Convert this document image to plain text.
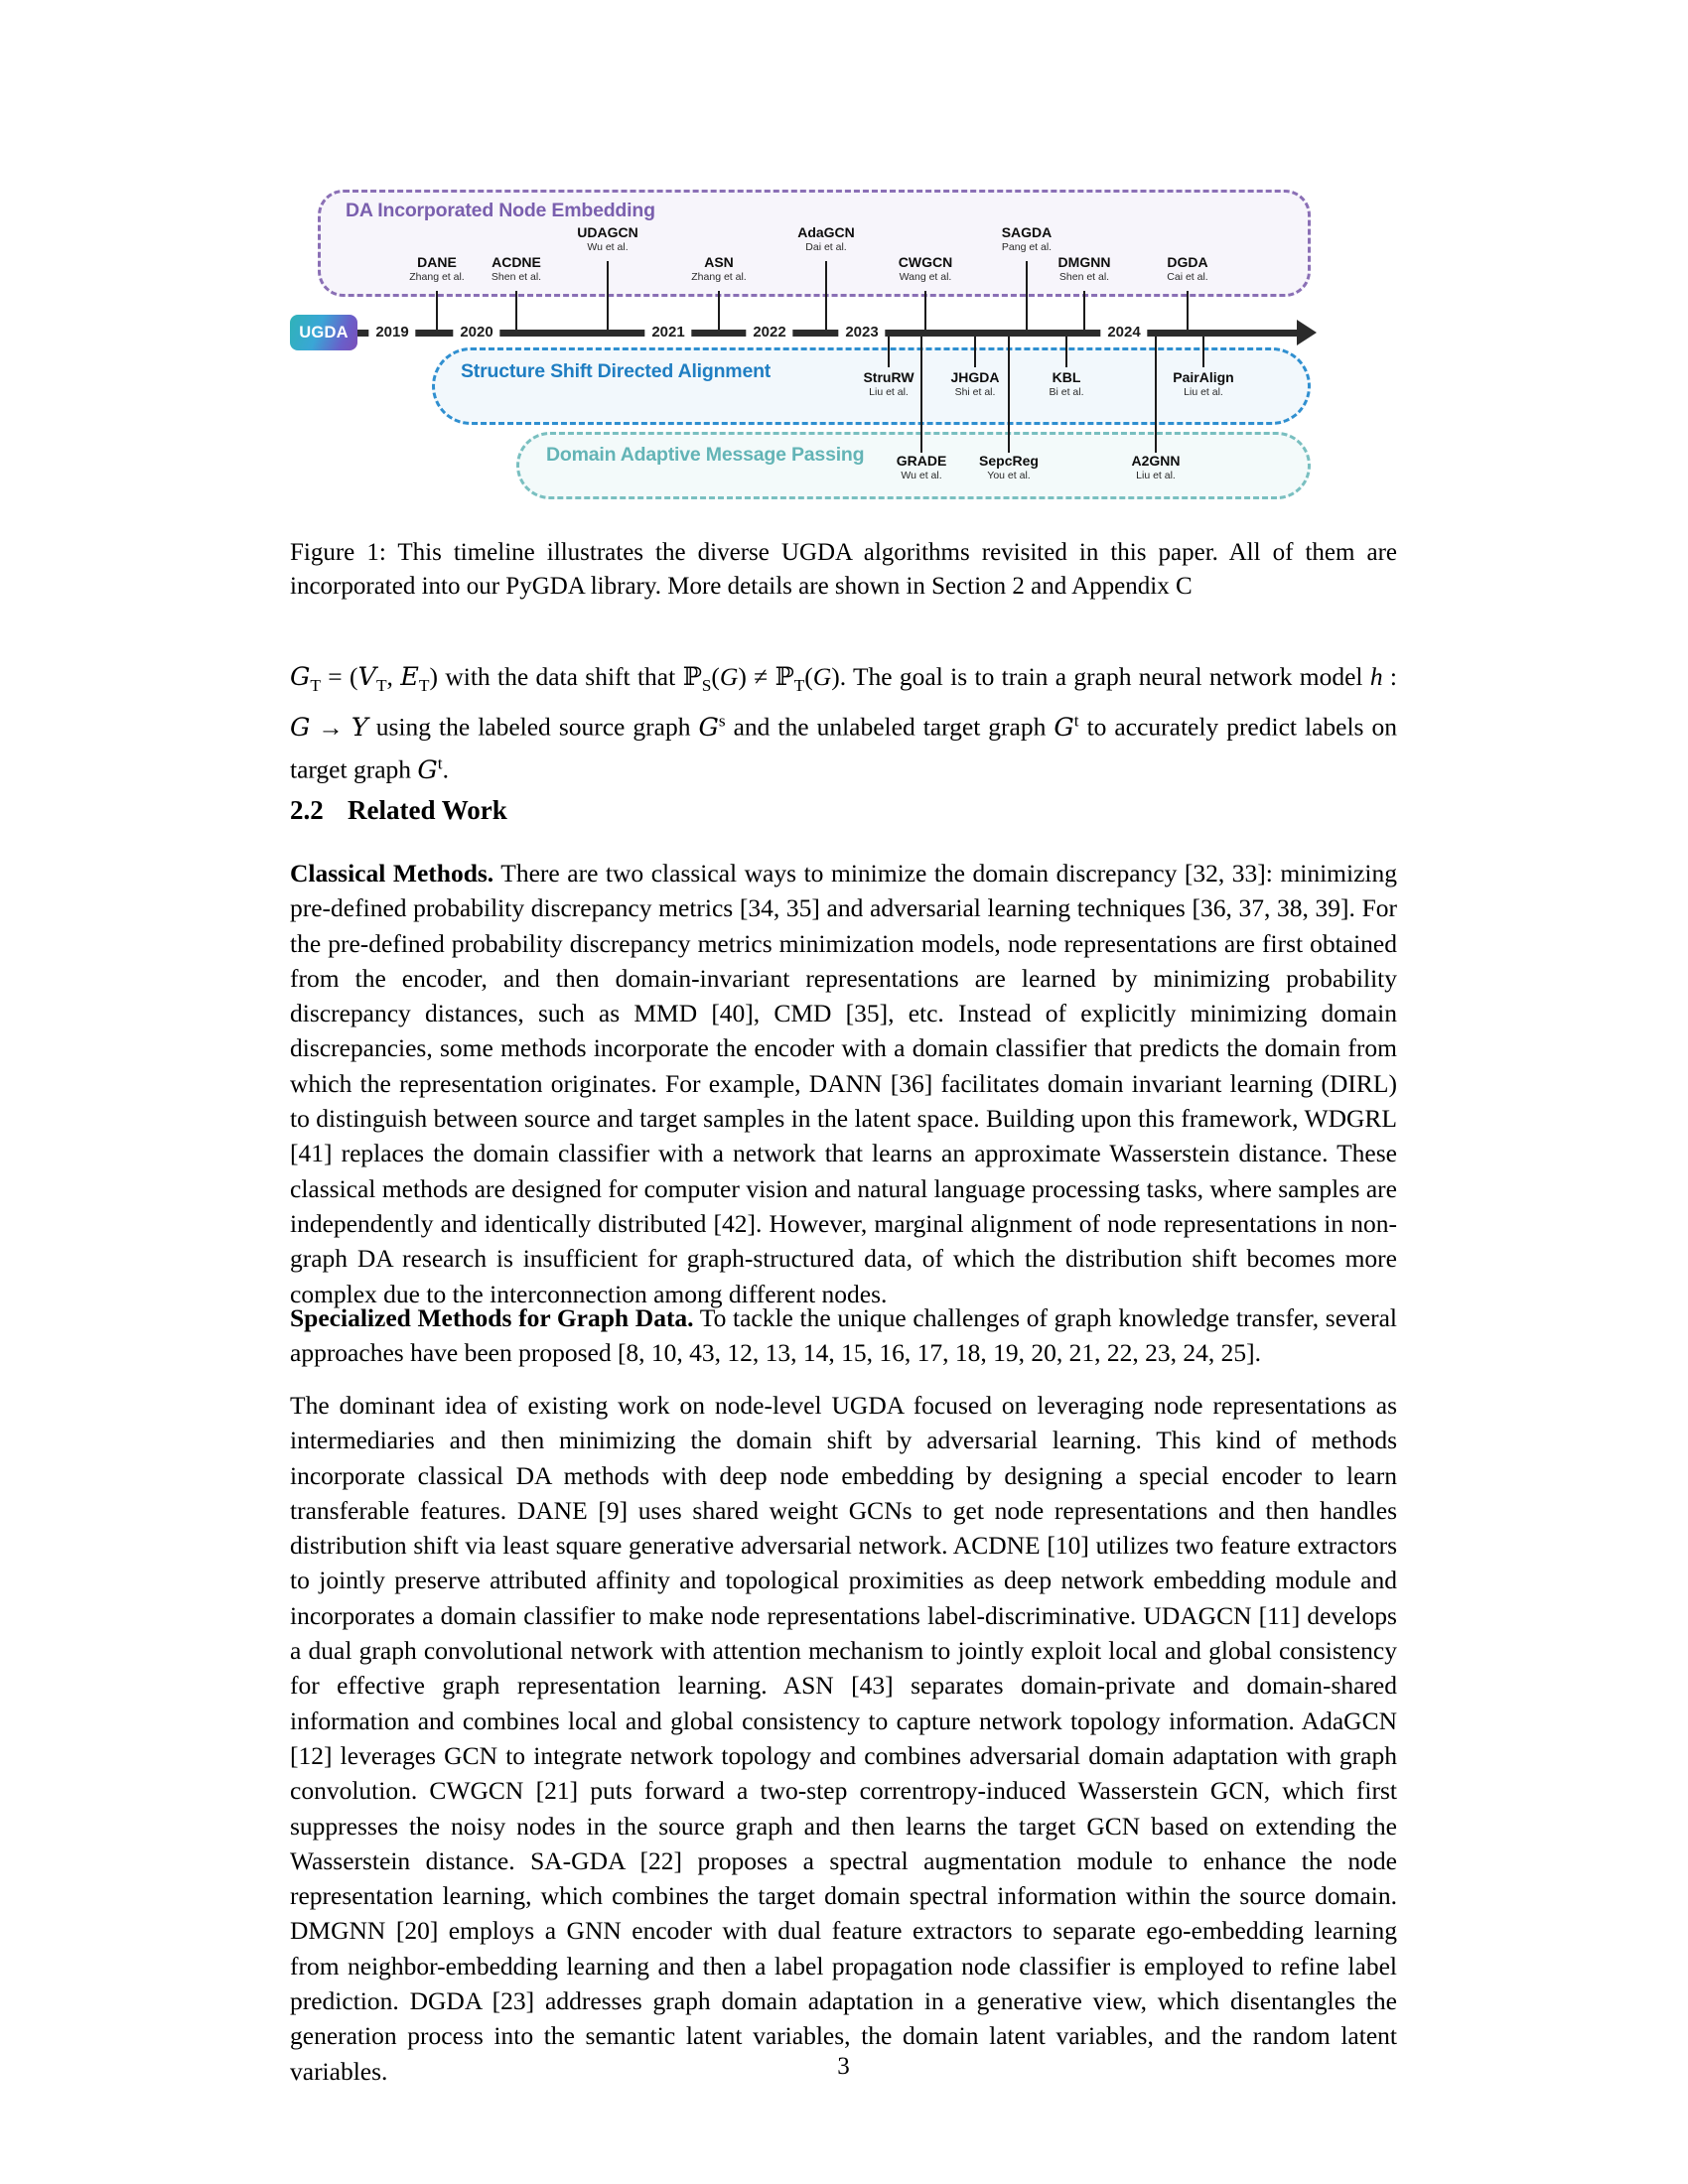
DA Incorporated Node Embedding
Structure Shift Directed Alignment
Domain Adaptive Message Passing
UGDA	2019	2020	2021	2022	2023	2024
DANE
Zhang et al.
ACDNE
Shen et al.
UDAGCN
Wu et al.
ASN
Zhang et al.
AdaGCN
Dai et al.
CWGCN
Wang et al.
SAGDA
Pang et al.
DMGNN
Shen et al.
DGDA
Cai et al.
StruRW
Liu et al.
JHGDA
Shi et al.
KBL
Bi et al.
PairAlign
Liu et al.
GRADE
Wu et al.
SepcReg
You et al.
A2GNN
Liu et al.
Figure 1: This timeline illustrates the diverse UGDA algorithms revisited in this paper. All of them are incorporated into our PyGDA library. More details are shown in Section 2 and Appendix C
$G_T = (V_T$, $E_T$) with the data shift that ℙ$_S$(G) ≠ ℙ$_T$(G). The goal is to train a graph neural network model h : G → Y using the labeled source graph $G^s$ and the unlabeled target graph $G^t$ to accurately predict labels on target graph $G^t$.
2.2 Related Work
Classical Methods. There are two classical ways to minimize the domain discrepancy [32, 33]: minimizing pre-defined probability discrepancy metrics [34, 35] and adversarial learning techniques [36, 37, 38, 39]. For the pre-defined probability discrepancy metrics minimization models, node representations are first obtained from the encoder, and then domain-invariant representations are learned by minimizing probability discrepancy distances, such as MMD [40], CMD [35], etc. Instead of explicitly minimizing domain discrepancies, some methods incorporate the encoder with a domain classifier that predicts the domain from which the representation originates. For example, DANN [36] facilitates domain invariant learning (DIRL) to distinguish between source and target samples in the latent space. Building upon this framework, WDGRL [41] replaces the domain classifier with a network that learns an approximate Wasserstein distance. These classical methods are designed for computer vision and natural language processing tasks, where samples are independently and identically distributed [42]. However, marginal alignment of node representations in non-graph DA research is insufficient for graph-structured data, of which the distribution shift becomes more complex due to the interconnection among different nodes.
Specialized Methods for Graph Data. To tackle the unique challenges of graph knowledge transfer, several approaches have been proposed [8, 10, 43, 12, 13, 14, 15, 16, 17, 18, 19, 20, 21, 22, 23, 24, 25].
The dominant idea of existing work on node-level UGDA focused on leveraging node representations as intermediaries and then minimizing the domain shift by adversarial learning. This kind of methods incorporate classical DA methods with deep node embedding by designing a special encoder to learn transferable features. DANE [9] uses shared weight GCNs to get node representations and then handles distribution shift via least square generative adversarial network. ACDNE [10] utilizes two feature extractors to jointly preserve attributed affinity and topological proximities as deep network embedding module and incorporates a domain classifier to make node representations label-discriminative. UDAGCN [11] develops a dual graph convolutional network with attention mechanism to jointly exploit local and global consistency for effective graph representation learning. ASN [43] separates domain-private and domain-shared information and combines local and global consistency to capture network topology information. AdaGCN [12] leverages GCN to integrate network topology and combines adversarial domain adaptation with graph convolution. CWGCN [21] puts forward a two-step correntropy-induced Wasserstein GCN, which first suppresses the noisy nodes in the source graph and then learns the target GCN based on extending the Wasserstein distance. SA-GDA [22] proposes a spectral augmentation module to enhance the node representation learning, which combines the target domain spectral information within the source domain. DMGNN [20] employs a GNN encoder with dual feature extractors to separate ego-embedding learning from neighbor-embedding learning and then a label propagation node classifier is employed to refine label prediction. DGDA [23] addresses graph domain adaptation in a generative view, which disentangles the generation process into the semantic latent variables, the domain latent variables, and the random latent variables.	3
